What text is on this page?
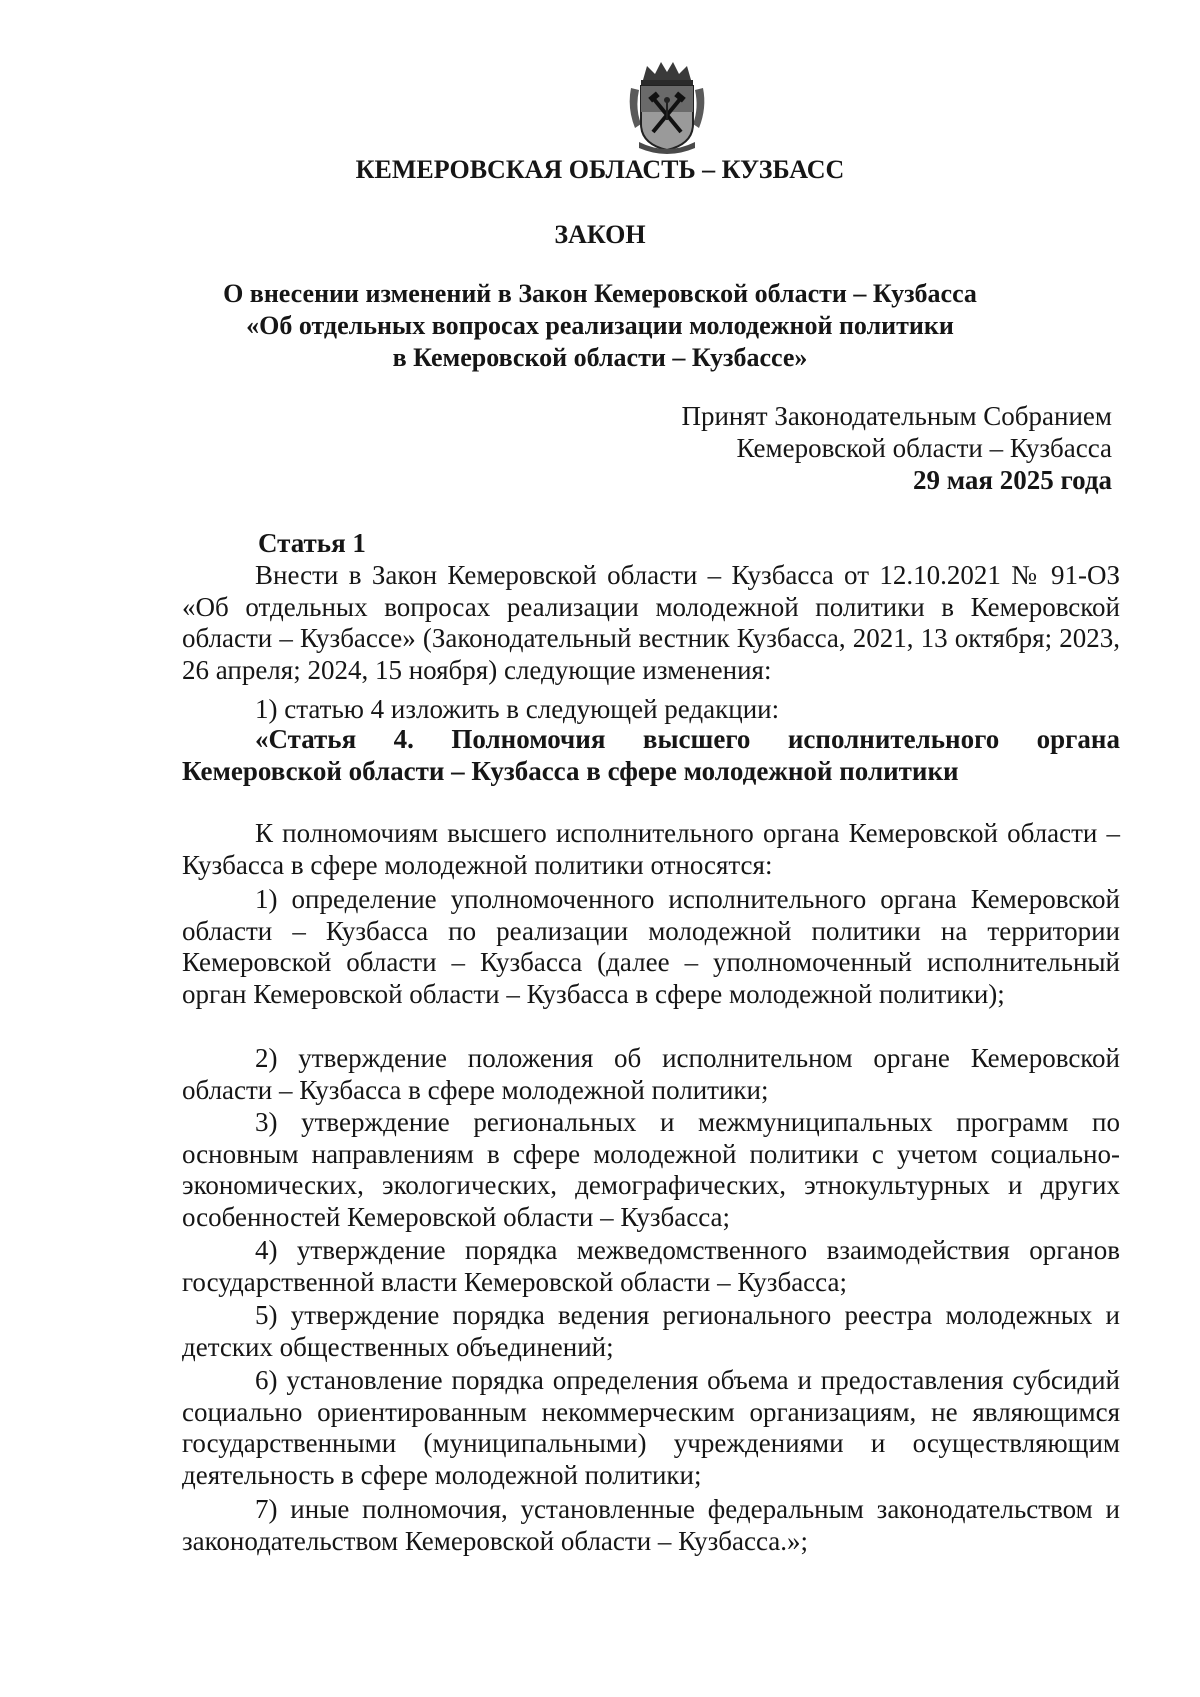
КЕМЕРОВСКАЯ ОБЛАСТЬ – КУЗБАСС
ЗАКОН
О внесении изменений в Закон Кемеровской области – Кузбасса
«Об отдельных вопросах реализации молодежной политики
в Кемеровской области – Кузбассе»
Принят Законодательным Собранием
Кемеровской области – Кузбасса
29 мая 2025 года
Статья 1

Внести в Закон Кемеровской области – Кузбасса от 12.10.2021 № 91-ОЗ «Об отдельных вопросах реализации молодежной политики в Кемеровской области – Кузбассе» (Законодательный вестник Кузбасса, 2021, 13 октября; 2023, 26 апреля; 2024, 15 ноября) следующие изменения:

1) статью 4 изложить в следующей редакции:

«Статья 4. Полномочия высшего исполнительного органа Кемеровской области – Кузбасса в сфере молодежной политики

К полномочиям высшего исполнительного органа Кемеровской области – Кузбасса в сфере молодежной политики относятся:

1) определение уполномоченного исполнительного органа Кемеровской области – Кузбасса по реализации молодежной политики на территории Кемеровской области – Кузбасса (далее – уполномоченный исполнительный орган Кемеровской области – Кузбасса в сфере молодежной политики);

2) утверждение положения об исполнительном органе Кемеровской области – Кузбасса в сфере молодежной политики;

3) утверждение региональных и межмуниципальных программ по основным направлениям в сфере молодежной политики с учетом социально-экономических, экологических, демографических, этнокультурных и других особенностей Кемеровской области – Кузбасса;

4) утверждение порядка межведомственного взаимодействия органов государственной власти Кемеровской области – Кузбасса;

5) утверждение порядка ведения регионального реестра молодежных и детских общественных объединений;

6) установление порядка определения объема и предоставления субсидий социально ориентированным некоммерческим организациям, не являющимся государственными (муниципальными) учреждениями и осуществляющим деятельность в сфере молодежной политики;

7) иные полномочия, установленные федеральным законодательством и законодательством Кемеровской области – Кузбасса.»;
